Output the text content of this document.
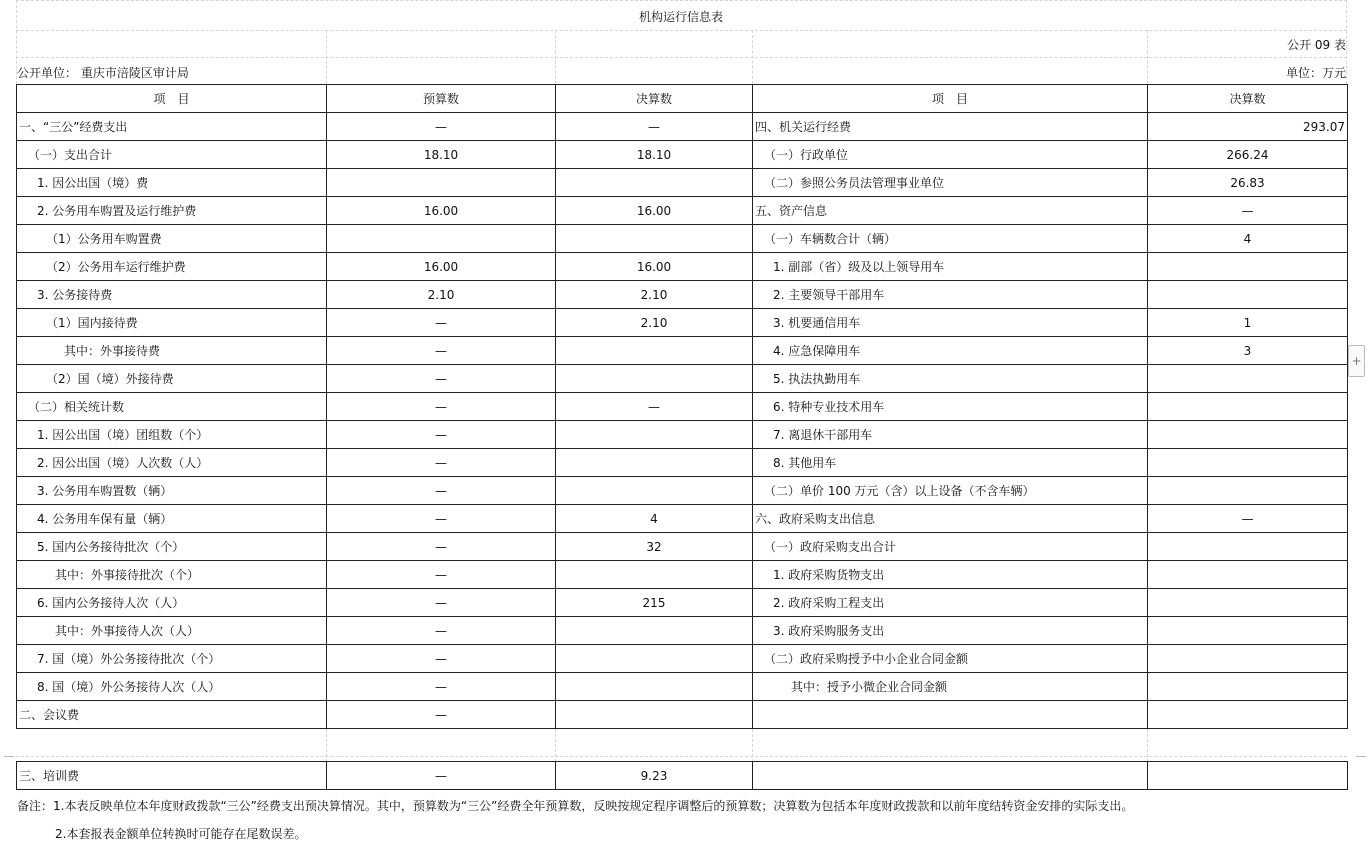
机构运行信息表
公开 09 表
公开单位： 重庆市涪陵区审计局	单位：万元
项　目	预算数	决算数	项　目	决算数
一、“三公”经费支出	—	—	四、机关运行经费	293.07
（一）支出合计	18.10	18.10	（一）行政单位	266.24
1. 因公出国（境）费			（二）参照公务员法管理事业单位	26.83
2. 公务用车购置及运行维护费	16.00	16.00	五、资产信息	—
（1）公务用车购置费			（一）车辆数合计（辆）	4
（2）公务用车运行维护费	16.00	16.00	1. 副部（省）级及以上领导用车	
3. 公务接待费	2.10	2.10	2. 主要领导干部用车	
（1）国内接待费	—	2.10	3. 机要通信用车	1
其中：外事接待费	—		4. 应急保障用车	3
（2）国（境）外接待费	—		5. 执法执勤用车	
（二）相关统计数	—	—	6. 特种专业技术用车	
1. 因公出国（境）团组数（个）	—		7. 离退休干部用车	
2. 因公出国（境）人次数（人）	—		8. 其他用车	
3. 公务用车购置数（辆）	—		（二）单价 100 万元（含）以上设备（不含车辆）	
4. 公务用车保有量（辆）	—	4	六、政府采购支出信息	—
5. 国内公务接待批次（个）	—	32	（一）政府采购支出合计	
其中：外事接待批次（个）	—		1. 政府采购货物支出	
6. 国内公务接待人次（人）	—	215	2. 政府采购工程支出	
其中：外事接待人次（人）	—		3. 政府采购服务支出	
7. 国（境）外公务接待批次（个）	—		（二）政府采购授予中小企业合同金额	
8. 国（境）外公务接待人次（人）	—		其中：授予小微企业合同金额	
二、会议费	—			
三、培训费	—	9.23		
备注：1.本表反映单位本年度财政拨款“三公”经费支出预决算情况。其中，预算数为“三公”经费全年预算数，反映按规定程序调整后的预算数；决算数为包括本年度财政拨款和以前年度结转资金安排的实际支出。
2.本套报表金额单位转换时可能存在尾数误差。
+
